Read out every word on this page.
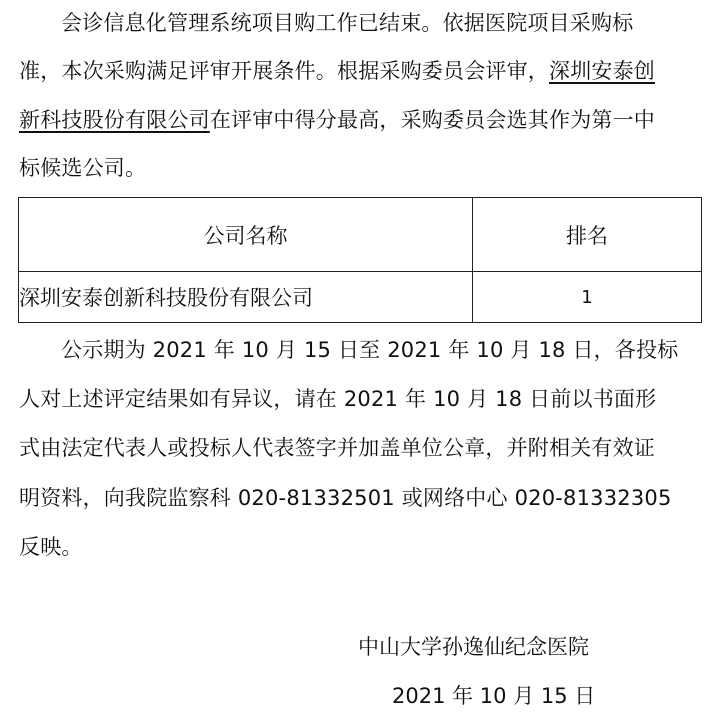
会诊信息化管理系统项目购工作已结束。依据医院项目采购标
准，本次采购满足评审开展条件。根据采购委员会评审，深圳安泰创
新科技股份有限公司在评审中得分最高，采购委员会选其作为第一中
标候选公司。
公司名称	排名
深圳安泰创新科技股份有限公司	1
公示期为 2021 年 10 月 15 日至 2021 年 10 月 18 日，各投标
人对上述评定结果如有异议，请在 2021 年 10 月 18 日前以书面形
式由法定代表人或投标人代表签字并加盖单位公章，并附相关有效证
明资料，向我院监察科 020-81332501 或网络中心 020-81332305
反映。
中山大学孙逸仙纪念医院
2021 年 10 月 15 日
